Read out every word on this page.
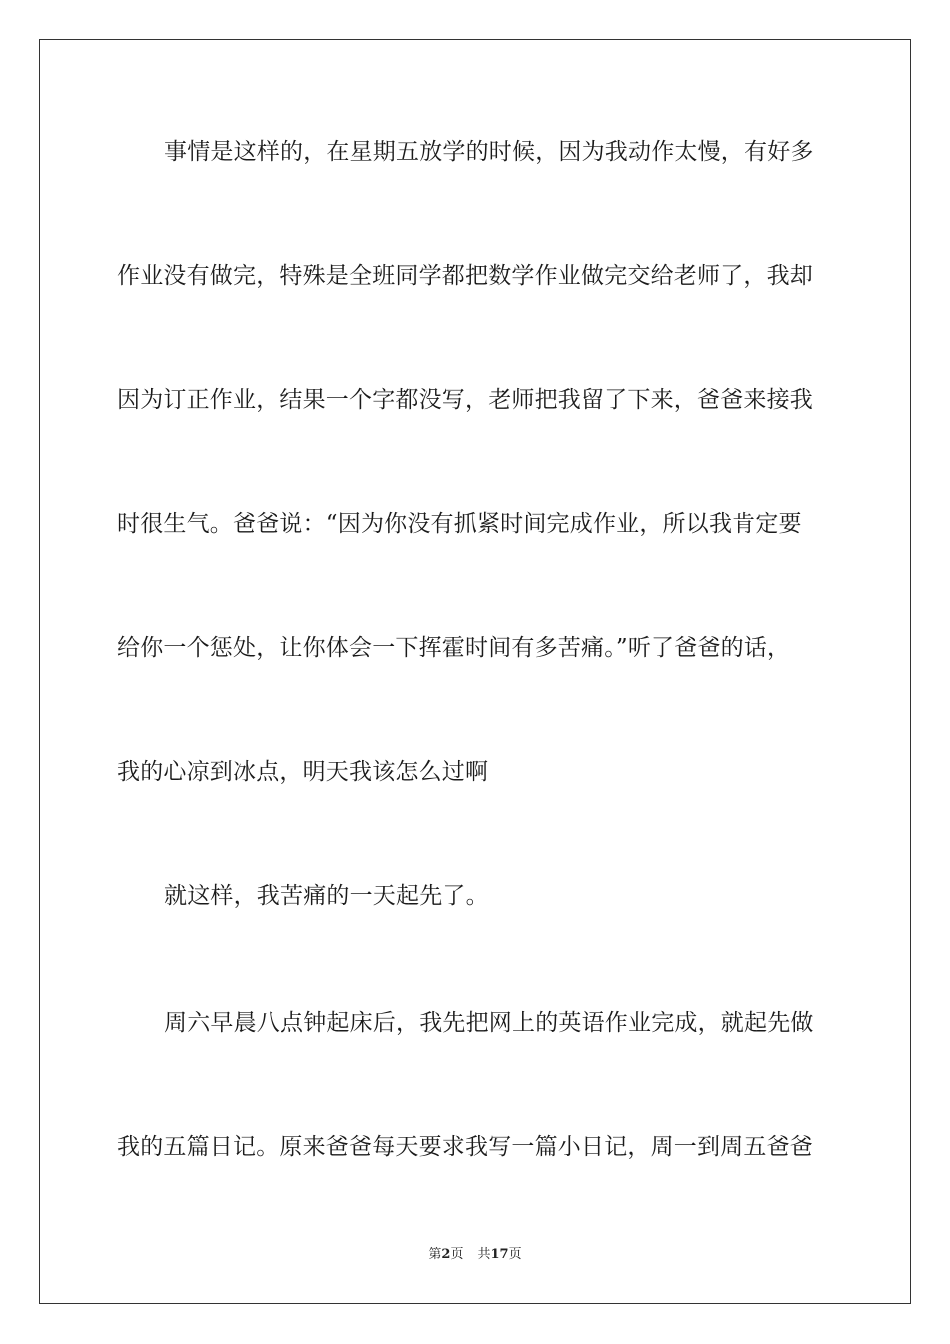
事情是这样的，在星期五放学的时候，因为我动作太慢，有好多
作业没有做完，特殊是全班同学都把数学作业做完交给老师了，我却
因为订正作业，结果一个字都没写，老师把我留了下来，爸爸来接我
时很生气。爸爸说：“因为你没有抓紧时间完成作业，所以我肯定要
给你一个惩处，让你体会一下挥霍时间有多苦痛。”听了爸爸的话，
我的心凉到冰点，明天我该怎么过啊
就这样，我苦痛的一天起先了。
周六早晨八点钟起床后，我先把网上的英语作业完成，就起先做
我的五篇日记。原来爸爸每天要求我写一篇小日记，周一到周五爸爸
第2页 共17页
